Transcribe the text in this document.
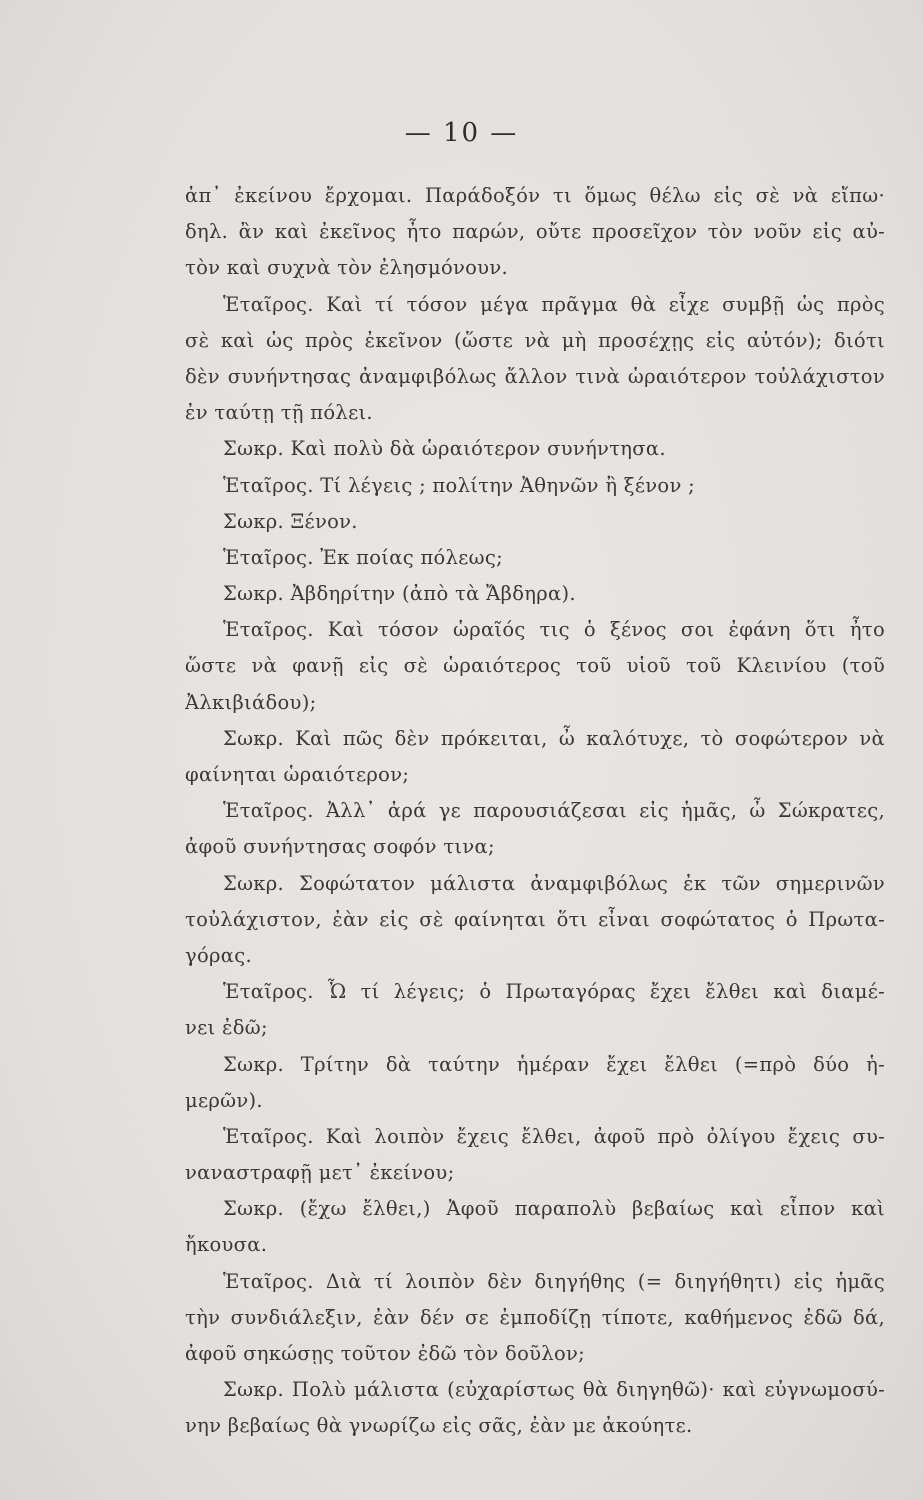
— 10 —
ἀπ᾿ ἐκείνου ἔρχομαι. Παράδοξόν τι ὅμως θέλω εἰς σὲ νὰ εἴπω·
δηλ. ἂν καὶ ἐκεῖνος ἦτο παρών, οὔτε προσεῖχον τὸν νοῦν εἰς αὐ-
τὸν καὶ συχνὰ τὸν ἐλησμόνουν.
Ἑταῖρος. Καὶ τί τόσον μέγα πρᾶγμα θὰ εἶχε συμβῇ ὡς πρὸς
σὲ καὶ ὡς πρὸς ἐκεῖνον (ὥστε νὰ μὴ προσέχῃς εἰς αὐτόν); διότι
δὲν συνήντησας ἀναμφιβόλως ἄλλον τινὰ ὡραιότερον τοὐλάχιστον
ἐν ταύτῃ τῇ πόλει.
Σωκρ. Καὶ πολὺ δὰ ὡραιότερον συνήντησα.
Ἑταῖρος. Τί λέγεις ; πολίτην Ἀθηνῶν ἢ ξένον ;
Σωκρ. Ξένον.
Ἑταῖρος. Ἐκ ποίας πόλεως;
Σωκρ. Ἀβδηρίτην (ἀπὸ τὰ Ἄβδηρα).
Ἑταῖρος. Καὶ τόσον ὡραῖός τις ὁ ξένος σοι ἐφάνη ὅτι ἦτο
ὥστε νὰ φανῇ εἰς σὲ ὡραιότερος τοῦ υἱοῦ τοῦ Κλεινίου (τοῦ
Ἀλκιβιάδου);
Σωκρ. Καὶ πῶς δὲν πρόκειται, ὦ καλότυχε, τὸ σοφώτερον νὰ
φαίνηται ὡραιότερον;
Ἑταῖρος. Ἀλλ᾿ ἀρά γε παρουσιάζεσαι εἰς ἡμᾶς, ὦ Σώκρατες,
ἀφοῦ συνήντησας σοφόν τινα;
Σωκρ. Σοφώτατον μάλιστα ἀναμφιβόλως ἐκ τῶν σημερινῶν
τοὐλάχιστον, ἐὰν εἰς σὲ φαίνηται ὅτι εἶναι σοφώτατος ὁ Πρωτα-
γόρας.
Ἑταῖρος. Ὦ τί λέγεις; ὁ Πρωταγόρας ἔχει ἔλθει καὶ διαμέ-
νει ἐδῶ;
Σωκρ. Τρίτην δὰ ταύτην ἡμέραν ἔχει ἔλθει (=πρὸ δύο ἡ-
μερῶν).
Ἑταῖρος. Καὶ λοιπὸν ἔχεις ἔλθει, ἀφοῦ πρὸ ὀλίγου ἔχεις συ-
ναναστραφῇ μετ᾿ ἐκείνου;
Σωκρ. (ἔχω ἔλθει,) Ἀφοῦ παραπολὺ βεβαίως καὶ εἶπον καὶ
ἤκουσα.
Ἑταῖρος. Διὰ τί λοιπὸν δὲν διηγήθης (= διηγήθητι) εἰς ἡμᾶς
τὴν συνδιάλεξιν, ἐὰν δέν σε ἐμποδίζῃ τίποτε, καθήμενος ἐδῶ δά,
ἀφοῦ σηκώσῃς τοῦτον ἐδῶ τὸν δοῦλον;
Σωκρ. Πολὺ μάλιστα (εὐχαρίστως θὰ διηγηθῶ)· καὶ εὐγνωμοσύ-
νην βεβαίως θὰ γνωρίζω εἰς σᾶς, ἐὰν με ἀκούητε.
